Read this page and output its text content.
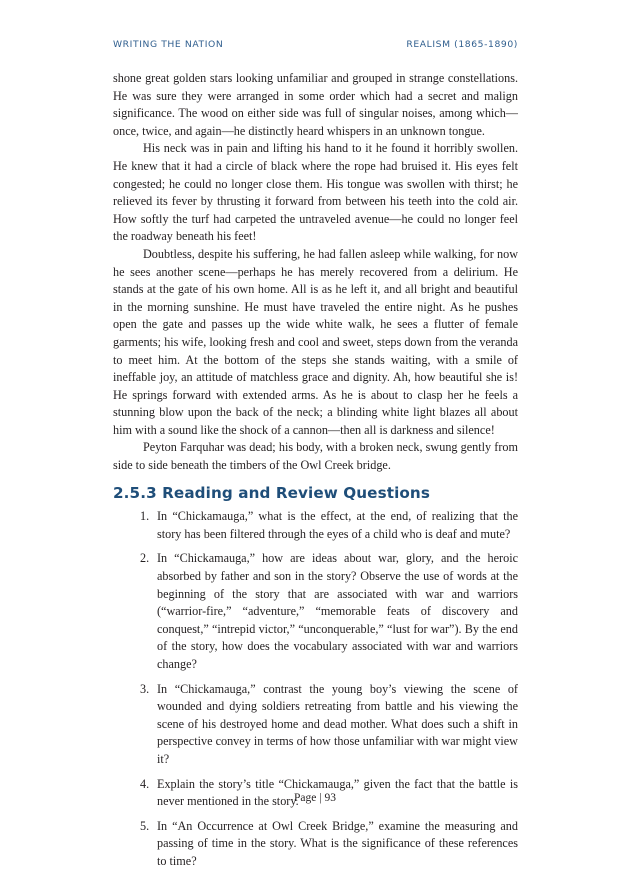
WRITING THE NATION	REALISM (1865-1890)

shone great golden stars looking unfamiliar and grouped in strange constellations. He was sure they were arranged in some order which had a secret and malign significance. The wood on either side was full of singular noises, among which—once, twice, and again—he distinctly heard whispers in an unknown tongue.

His neck was in pain and lifting his hand to it he found it horribly swollen. He knew that it had a circle of black where the rope had bruised it. His eyes felt congested; he could no longer close them. His tongue was swollen with thirst; he relieved its fever by thrusting it forward from between his teeth into the cold air. How softly the turf had carpeted the untraveled avenue—he could no longer feel the roadway beneath his feet!

Doubtless, despite his suffering, he had fallen asleep while walking, for now he sees another scene—perhaps he has merely recovered from a delirium. He stands at the gate of his own home. All is as he left it, and all bright and beautiful in the morning sunshine. He must have traveled the entire night. As he pushes open the gate and passes up the wide white walk, he sees a flutter of female garments; his wife, looking fresh and cool and sweet, steps down from the veranda to meet him. At the bottom of the steps she stands waiting, with a smile of ineffable joy, an attitude of matchless grace and dignity. Ah, how beautiful she is! He springs forward with extended arms. As he is about to clasp her he feels a stunning blow upon the back of the neck; a blinding white light blazes all about him with a sound like the shock of a cannon—then all is darkness and silence!

Peyton Farquhar was dead; his body, with a broken neck, swung gently from side to side beneath the timbers of the Owl Creek bridge.

2.5.3 Reading and Review Questions
1. In “Chickamauga,” what is the effect, at the end, of realizing that the story has been filtered through the eyes of a child who is deaf and mute?
2. In “Chickamauga,” how are ideas about war, glory, and the heroic absorbed by father and son in the story? Observe the use of words at the beginning of the story that are associated with war and warriors (“warrior-fire,” “adventure,” “memorable feats of discovery and conquest,” “intrepid victor,” “unconquerable,” “lust for war”). By the end of the story, how does the vocabulary associated with war and warriors change?
3. In “Chickamauga,” contrast the young boy’s viewing the scene of wounded and dying soldiers retreating from battle and his viewing the scene of his destroyed home and dead mother. What does such a shift in perspective convey in terms of how those unfamiliar with war might view it?
4. Explain the story’s title “Chickamauga,” given the fact that the battle is never mentioned in the story.
5. In “An Occurrence at Owl Creek Bridge,” examine the measuring and passing of time in the story. What is the significance of these references to time?
Page | 93
